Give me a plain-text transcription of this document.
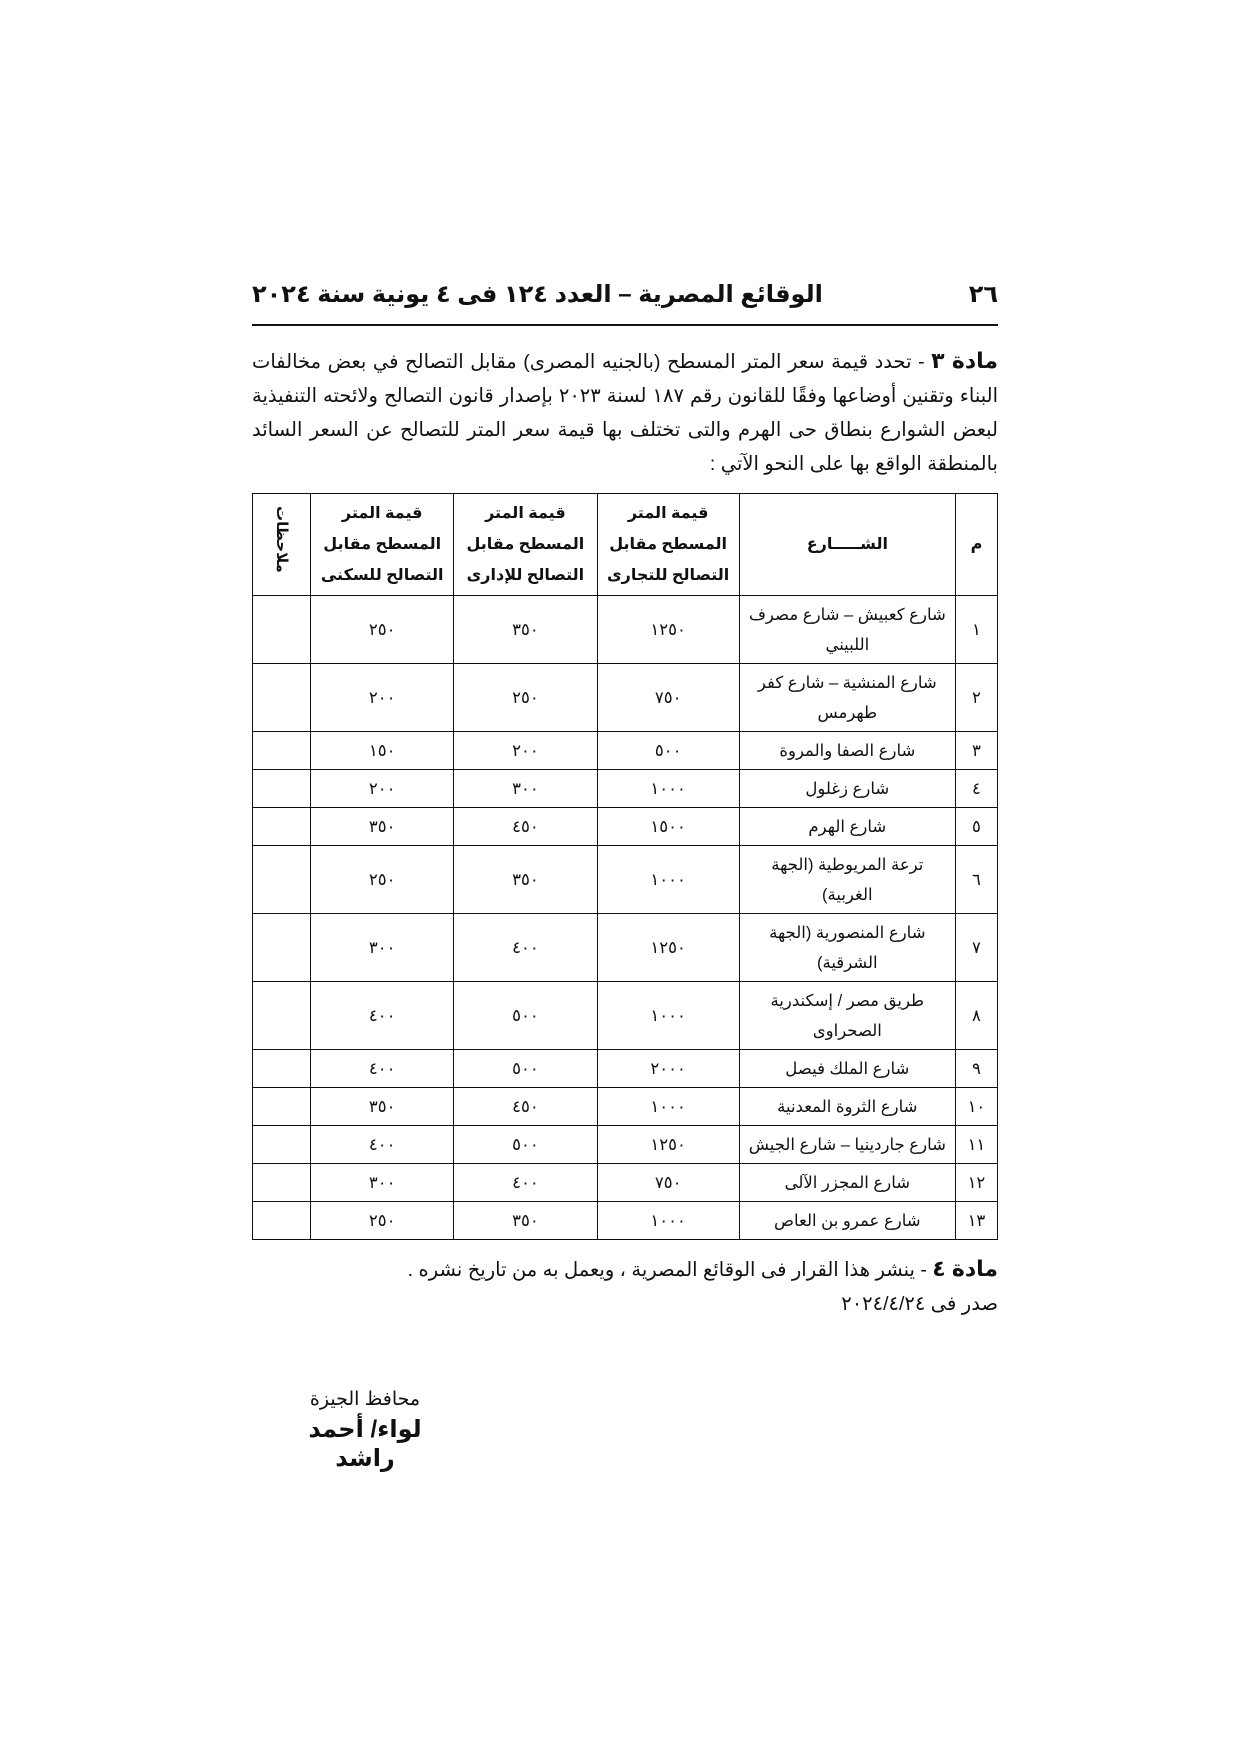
٢٦
الوقائع المصرية – العدد ١٢٤ فى ٤ يونية سنة ٢٠٢٤
مادة ٣ - تحدد قيمة سعر المتر المسطح (بالجنيه المصرى) مقابل التصالح في بعض مخالفات البناء وتقنين أوضاعها وفقًا للقانون رقم ١٨٧ لسنة ٢٠٢٣ بإصدار قانون التصالح ولائحته التنفيذية لبعض الشوارع بنطاق حى الهرم والتى تختلف بها قيمة سعر المتر للتصالح عن السعر السائد بالمنطقة الواقع بها على النحو الآتي :
م	الشـــــارع	قيمة المتر المسطح مقابل التصالح للتجارى	قيمة المتر المسطح مقابل التصالح للإدارى	قيمة المتر المسطح مقابل التصالح للسكنى	ملاحظات
١	شارع كعبيش – شارع مصرف اللبيني	١٢٥٠	٣٥٠	٢٥٠	
٢	شارع المنشية – شارع كفر طهرمس	٧٥٠	٢٥٠	٢٠٠	
٣	شارع الصفا والمروة	٥٠٠	٢٠٠	١٥٠	
٤	شارع زغلول	١٠٠٠	٣٠٠	٢٠٠	
٥	شارع الهرم	١٥٠٠	٤٥٠	٣٥٠	
٦	ترعة المريوطية (الجهة الغربية)	١٠٠٠	٣٥٠	٢٥٠	
٧	شارع المنصورية (الجهة الشرقية)	١٢٥٠	٤٠٠	٣٠٠	
٨	طريق مصر / إسكندرية الصحراوى	١٠٠٠	٥٠٠	٤٠٠	
٩	شارع الملك فيصل	٢٠٠٠	٥٠٠	٤٠٠	
١٠	شارع الثروة المعدنية	١٠٠٠	٤٥٠	٣٥٠	
١١	شارع جاردينيا – شارع الجيش	١٢٥٠	٥٠٠	٤٠٠	
١٢	شارع المجزر الآلى	٧٥٠	٤٠٠	٣٠٠	
١٣	شارع عمرو بن العاص	١٠٠٠	٣٥٠	٢٥٠	
مادة ٤ - ينشر هذا القرار فى الوقائع المصرية ، ويعمل به من تاريخ نشره .
صدر فى ٢٠٢٤/٤/٢٤
محافظ الجيزة
لواء/ أحمد راشد
